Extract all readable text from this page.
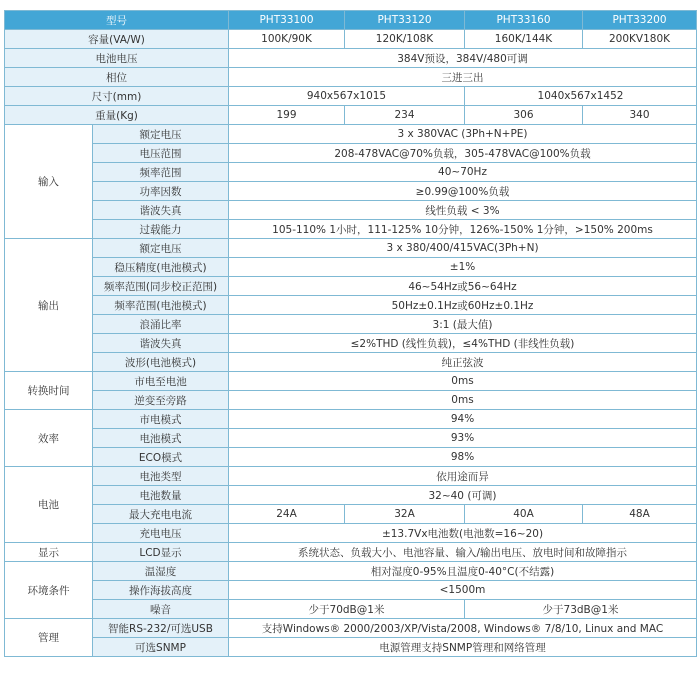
型号		PHT33100	PHT33120	PHT33160	PHT33200
容量(VA/W)		100K/90K	120K/108K	160K/144K	200KV180K
电池电压		384V预设，384V/480可调			
相位		三进三出			
尺寸(mm)		940x567x1015		1040x567x1452	
重量(Kg)		199	234	306	340
输入	额定电压	3 x 380VAC (3Ph+N+PE)			
	电压范围	208-478VAC@70%负载，305-478VAC@100%负载			
	频率范围	40~70Hz			
	功率因数	≥0.99@100%负载			
	谐波失真	线性负载 < 3%			
	过载能力	105-110% 1小时，111-125% 10分钟，126%-150% 1分钟，>150% 200ms			
输出	额定电压	3 x 380/400/415VAC(3Ph+N)			
	稳压精度(电池模式)	±1%			
	频率范围(同步校正范围)	46~54Hz或56~64Hz			
	频率范围(电池模式)	50Hz±0.1Hz或60Hz±0.1Hz			
	浪涌比率	3:1 (最大值)			
	谐波失真	≤2%THD (线性负载)，≤4%THD (非线性负载)			
	波形(电池模式)	纯正弦波			
转换时间	市电至电池	0ms			
	逆变至旁路	0ms			
效率	市电模式	94%			
	电池模式	93%			
	ECO模式	98%			
电池	电池类型	依用途而异			
	电池数量	32~40 (可调)			
	最大充电电流	24A	32A	40A	48A
	充电电压	±13.7Vx电池数(电池数=16~20)			
显示	LCD显示	系统状态、负载大小、电池容量、输入/输出电压、放电时间和故障指示			
环境条件	温湿度	相对湿度0-95%且温度0-40°C(不结露)			
	操作海拔高度	<1500m			
	噪音	少于70dB@1米		少于73dB@1米	
管理	智能RS-232/可选USB	支持Windows® 2000/2003/XP/Vista/2008, Windows® 7/8/10, Linux and MAC			
	可选SNMP	电源管理支持SNMP管理和网络管理			
